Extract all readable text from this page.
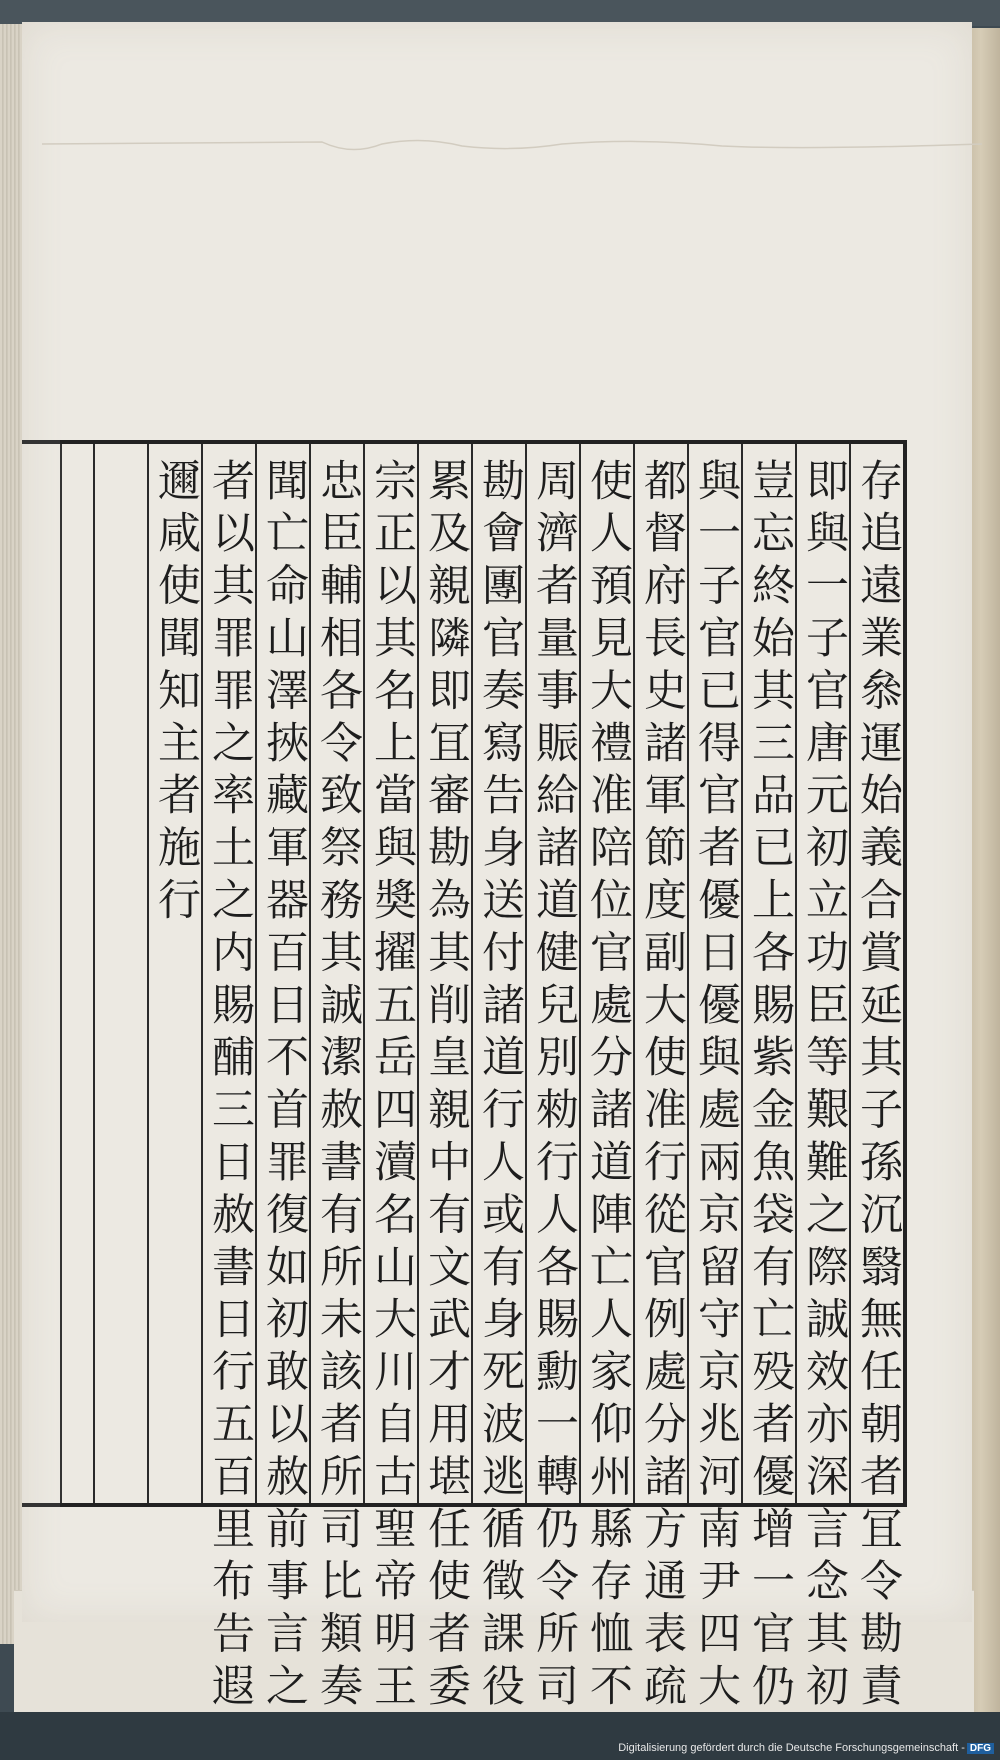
存追遠業叅運始義合賞延其子孫沉翳無任朝者冝令勘責
即與一子官唐元初立功臣等艱難之際誠效亦深言念其初
豈忘終始其三品已上各賜紫金魚袋有亡殁者優增一官仍
與一子官已得官者優日優與處兩京留守京兆河南尹四大
都督府長史諸軍節度副大使准行從官例處分諸方通表疏
使人預見大禮准陪位官處分諸道陣亡人家仰州縣存恤不
周濟者量事賑給諸道健兒別勑行人各賜勳一轉仍令所司
勘會團官奏寫告身送付諸道行人或有身死波逃循徵課役
累及親隣即冝審勘為其削皇親中有文武才用堪任使者委
宗正以其名上當與奬擢五岳四瀆名山大川自古聖帝明王
忠臣輔相各令致祭務其誠潔赦書有所未該者所司比類奏
聞亡命山澤挾藏軍器百日不首罪復如初敢以赦前事言之
者以其罪罪之率土之内賜酺三日赦書日行五百里布告遐
邇咸使聞知主者施行
Digitalisierung gefördert durch die Deutsche Forschungsgemeinschaft - DFG
